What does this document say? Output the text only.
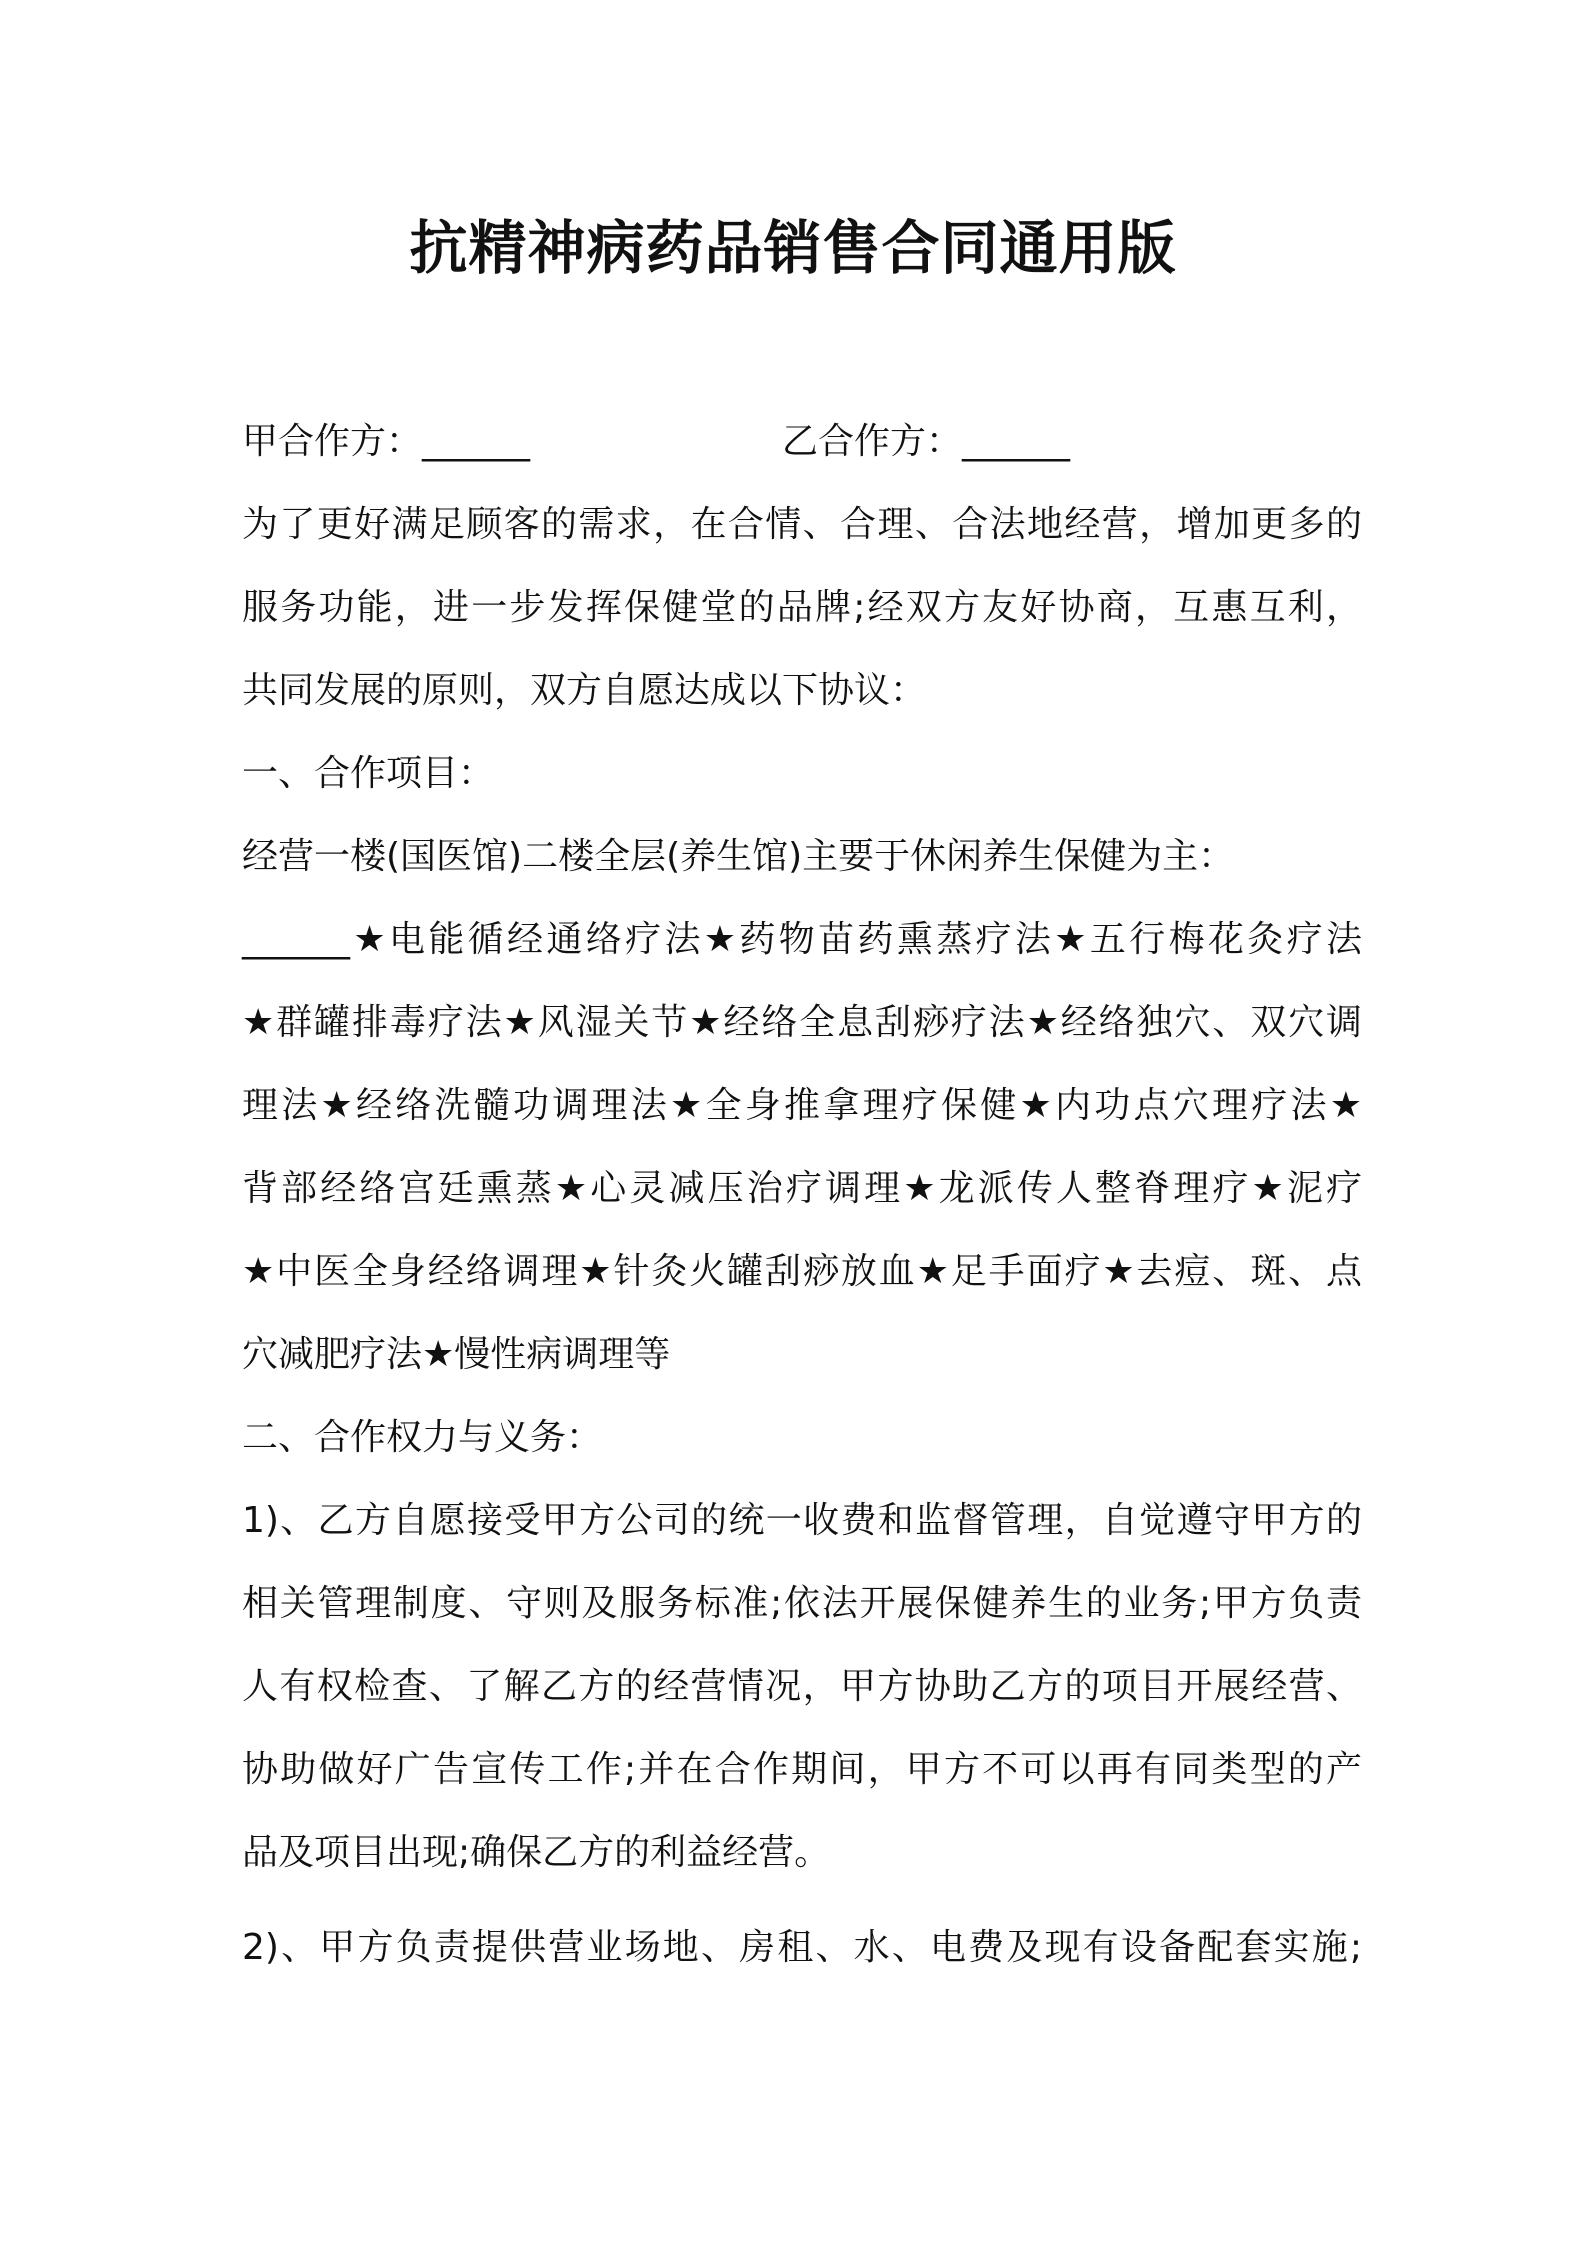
抗精神病药品销售合同通用版
甲合作方：______	乙合作方：______
为了更好满足顾客的需求，在合情、合理、合法地经营，增加更多的
服务功能，进一步发挥保健堂的品牌;经双方友好协商，互惠互利，
共同发展的原则，双方自愿达成以下协议：
一、合作项目：
经营一楼(国医馆)二楼全层(养生馆)主要于休闲养生保健为主：
______★电能循经通络疗法★药物苗药熏蒸疗法★五行梅花灸疗法
★群罐排毒疗法★风湿关节★经络全息刮痧疗法★经络独穴、双穴调
理法★经络洗髓功调理法★全身推拿理疗保健★内功点穴理疗法★
背部经络宫廷熏蒸★心灵减压治疗调理★龙派传人整脊理疗★泥疗
★中医全身经络调理★针灸火罐刮痧放血★足手面疗★去痘、斑、点
穴减肥疗法★慢性病调理等
二、合作权力与义务：
1)、乙方自愿接受甲方公司的统一收费和监督管理，自觉遵守甲方的
相关管理制度、守则及服务标准;依法开展保健养生的业务;甲方负责
人有权检查、了解乙方的经营情况，甲方协助乙方的项目开展经营、
协助做好广告宣传工作;并在合作期间，甲方不可以再有同类型的产
品及项目出现;确保乙方的利益经营。
2)、甲方负责提供营业场地、房租、水、电费及现有设备配套实施;
